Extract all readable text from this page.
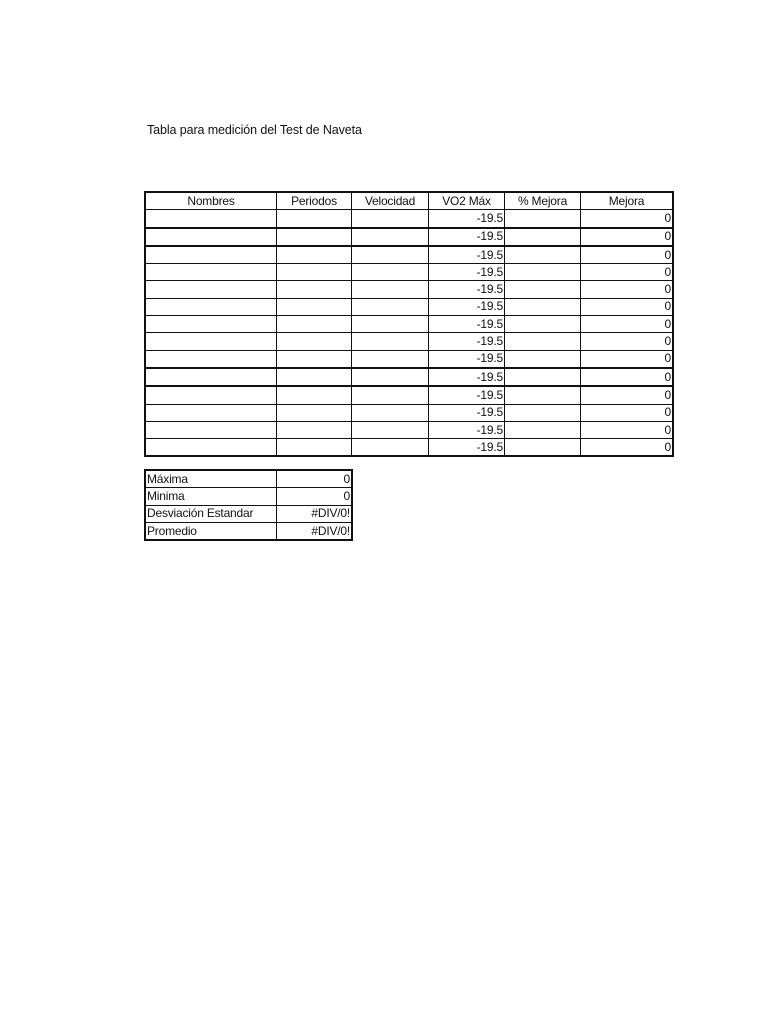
Tabla para medición del Test de Naveta
Nombres	Periodos	Velocidad	VO2 Máx	% Mejora	Mejora
			-19.5		0
			-19.5		0
			-19.5		0
			-19.5		0
			-19.5		0
			-19.5		0
			-19.5		0
			-19.5		0
			-19.5		0
			-19.5		0
			-19.5		0
			-19.5		0
			-19.5		0
			-19.5		0
Máxima	0
Minima	0
Desviación Estandar	#DIV/0!
Promedio	#DIV/0!
